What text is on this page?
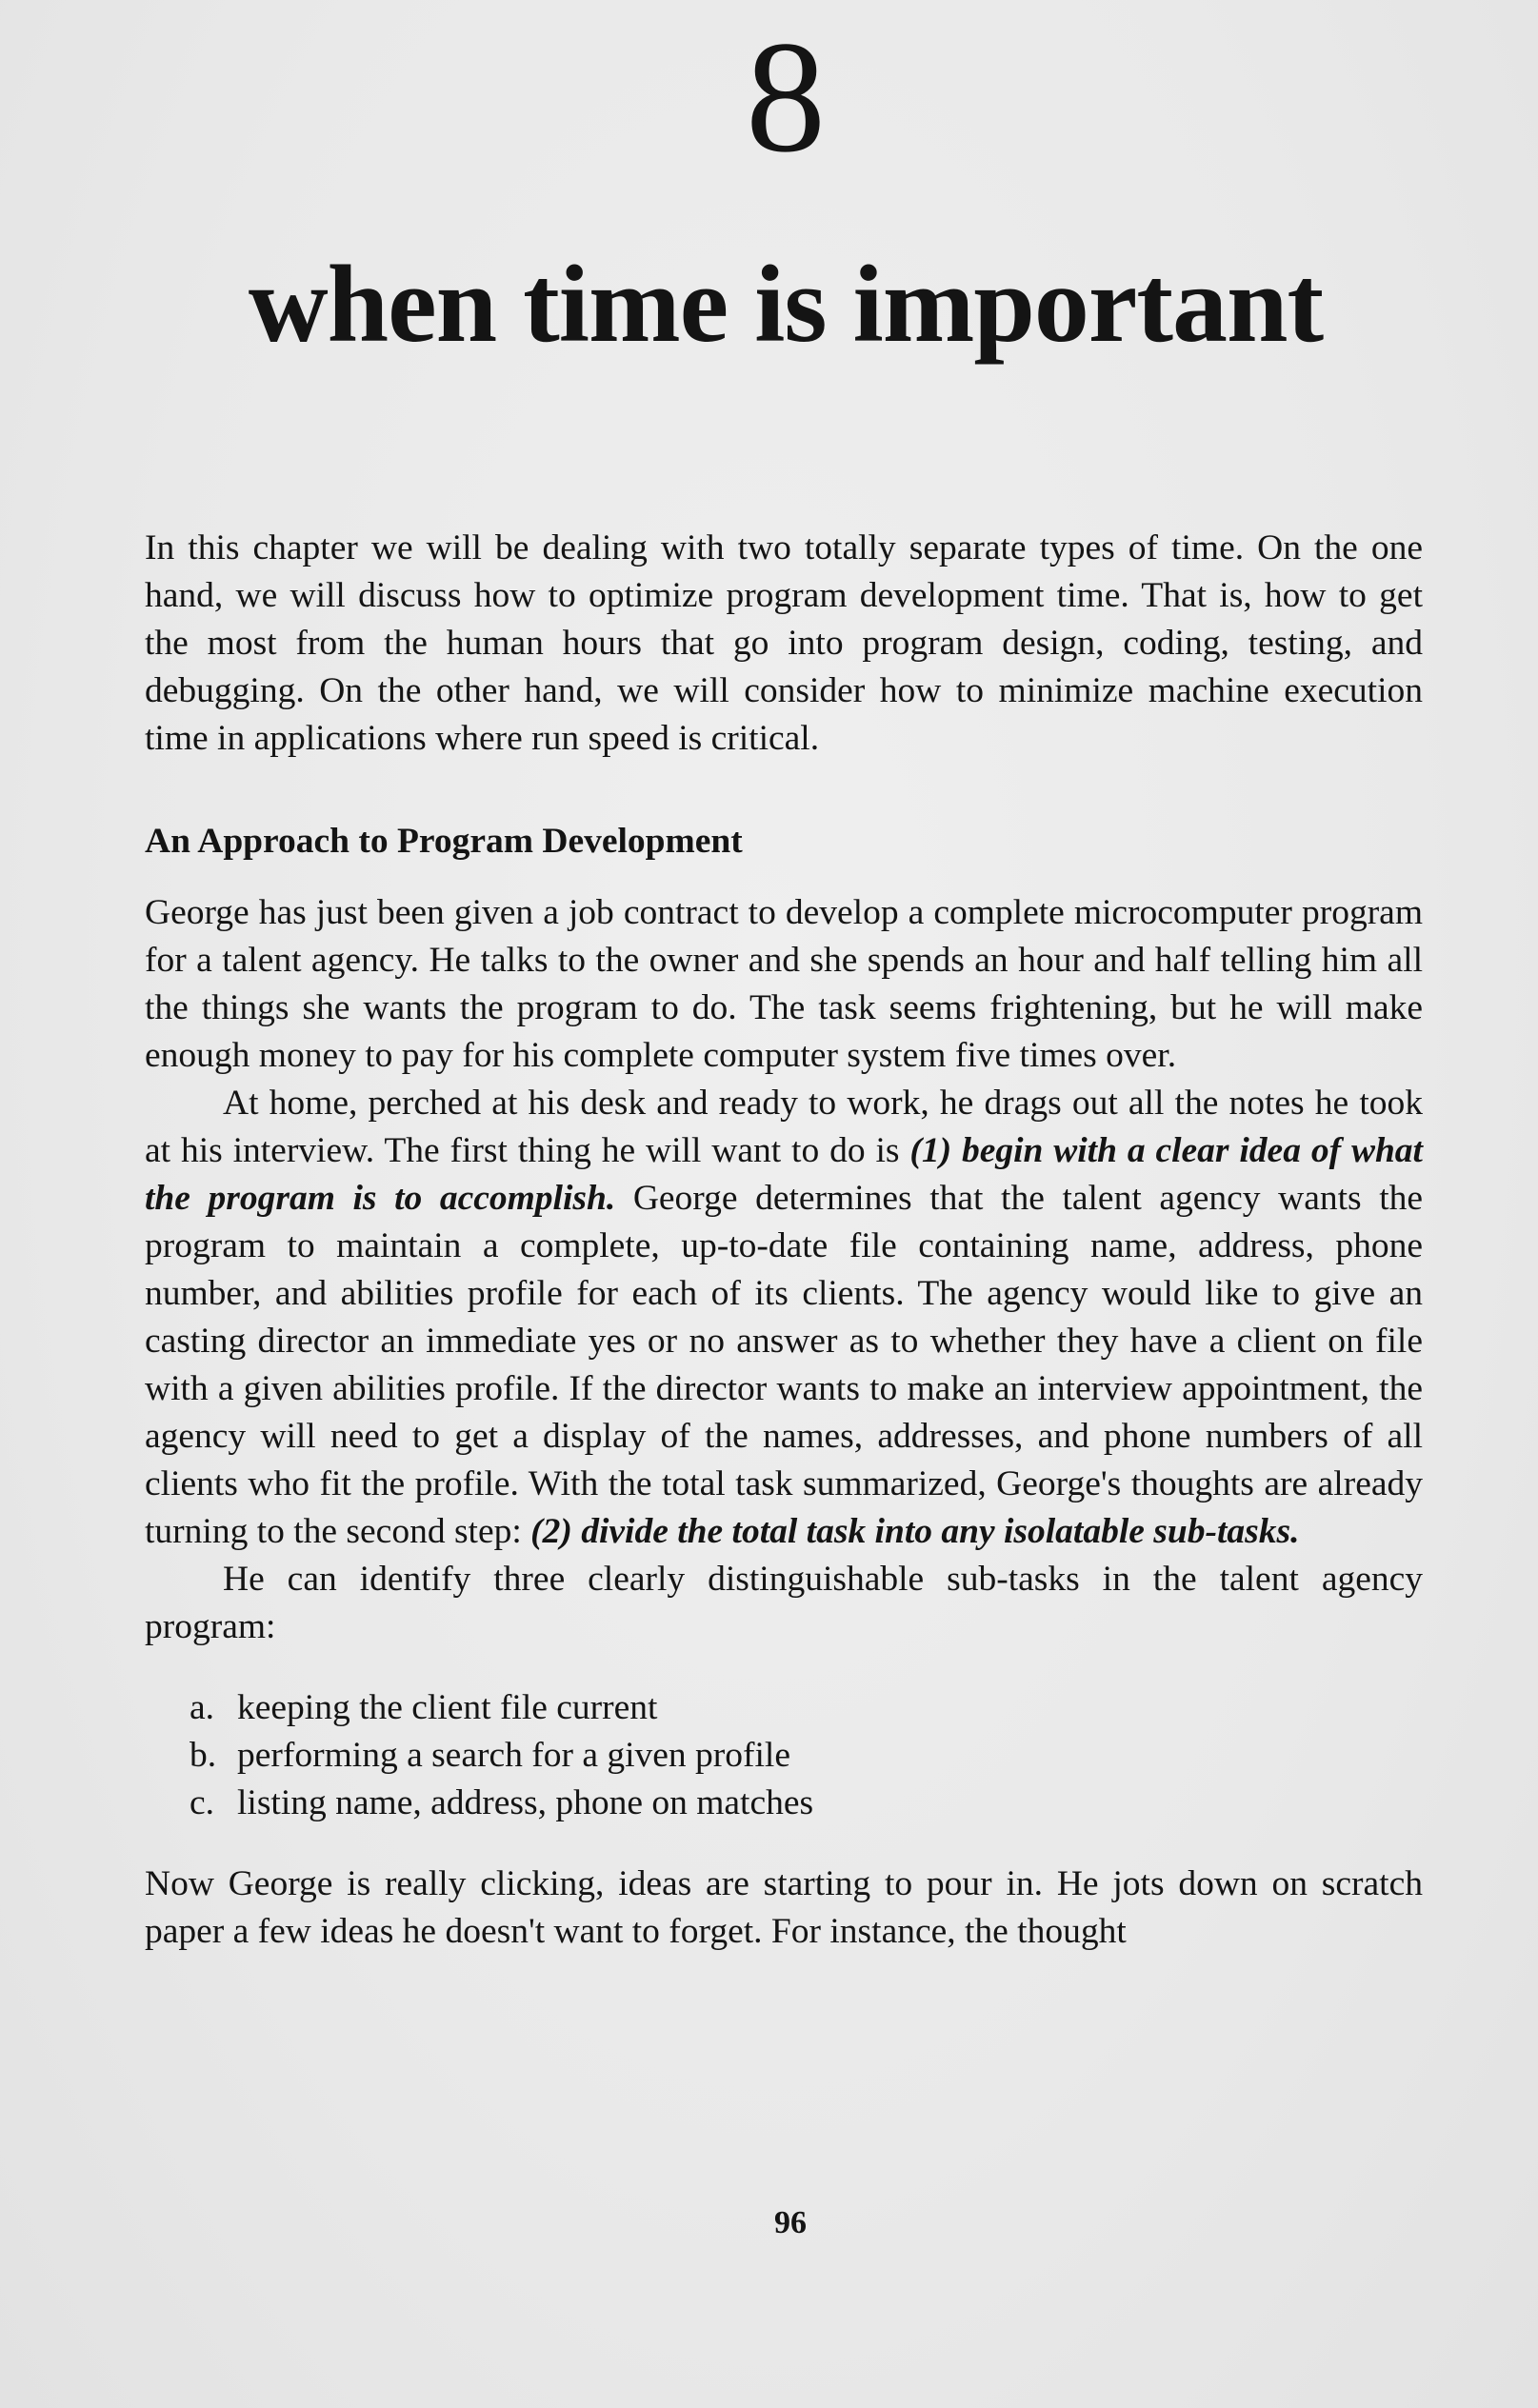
8
when time is important

In this chapter we will be dealing with two totally separate types of time. On the one hand, we will discuss how to optimize program development time. That is, how to get the most from the human hours that go into program design, coding, testing, and debugging. On the other hand, we will consider how to minimize machine execution time in applications where run speed is critical.

An Approach to Program Development

George has just been given a job contract to develop a complete microcomputer program for a talent agency. He talks to the owner and she spends an hour and half telling him all the things she wants the program to do. The task seems frightening, but he will make enough money to pay for his complete computer system five times over.

At home, perched at his desk and ready to work, he drags out all the notes he took at his interview. The first thing he will want to do is (1) begin with a clear idea of what the program is to accomplish. George determines that the talent agency wants the program to maintain a complete, up-to-date file containing name, address, phone number, and abilities profile for each of its clients. The agency would like to give an casting director an immediate yes or no answer as to whether they have a client on file with a given abilities profile. If the director wants to make an interview appointment, the agency will need to get a display of the names, addresses, and phone numbers of all clients who fit the profile. With the total task summarized, George's thoughts are already turning to the second step: (2) divide the total task into any isolatable sub-tasks.

He can identify three clearly distinguishable sub-tasks in the talent agency program:

a. keeping the client file current
b. performing a search for a given profile
c. listing name, address, phone on matches

Now George is really clicking, ideas are starting to pour in. He jots down on scratch paper a few ideas he doesn't want to forget. For instance, the thought

96
